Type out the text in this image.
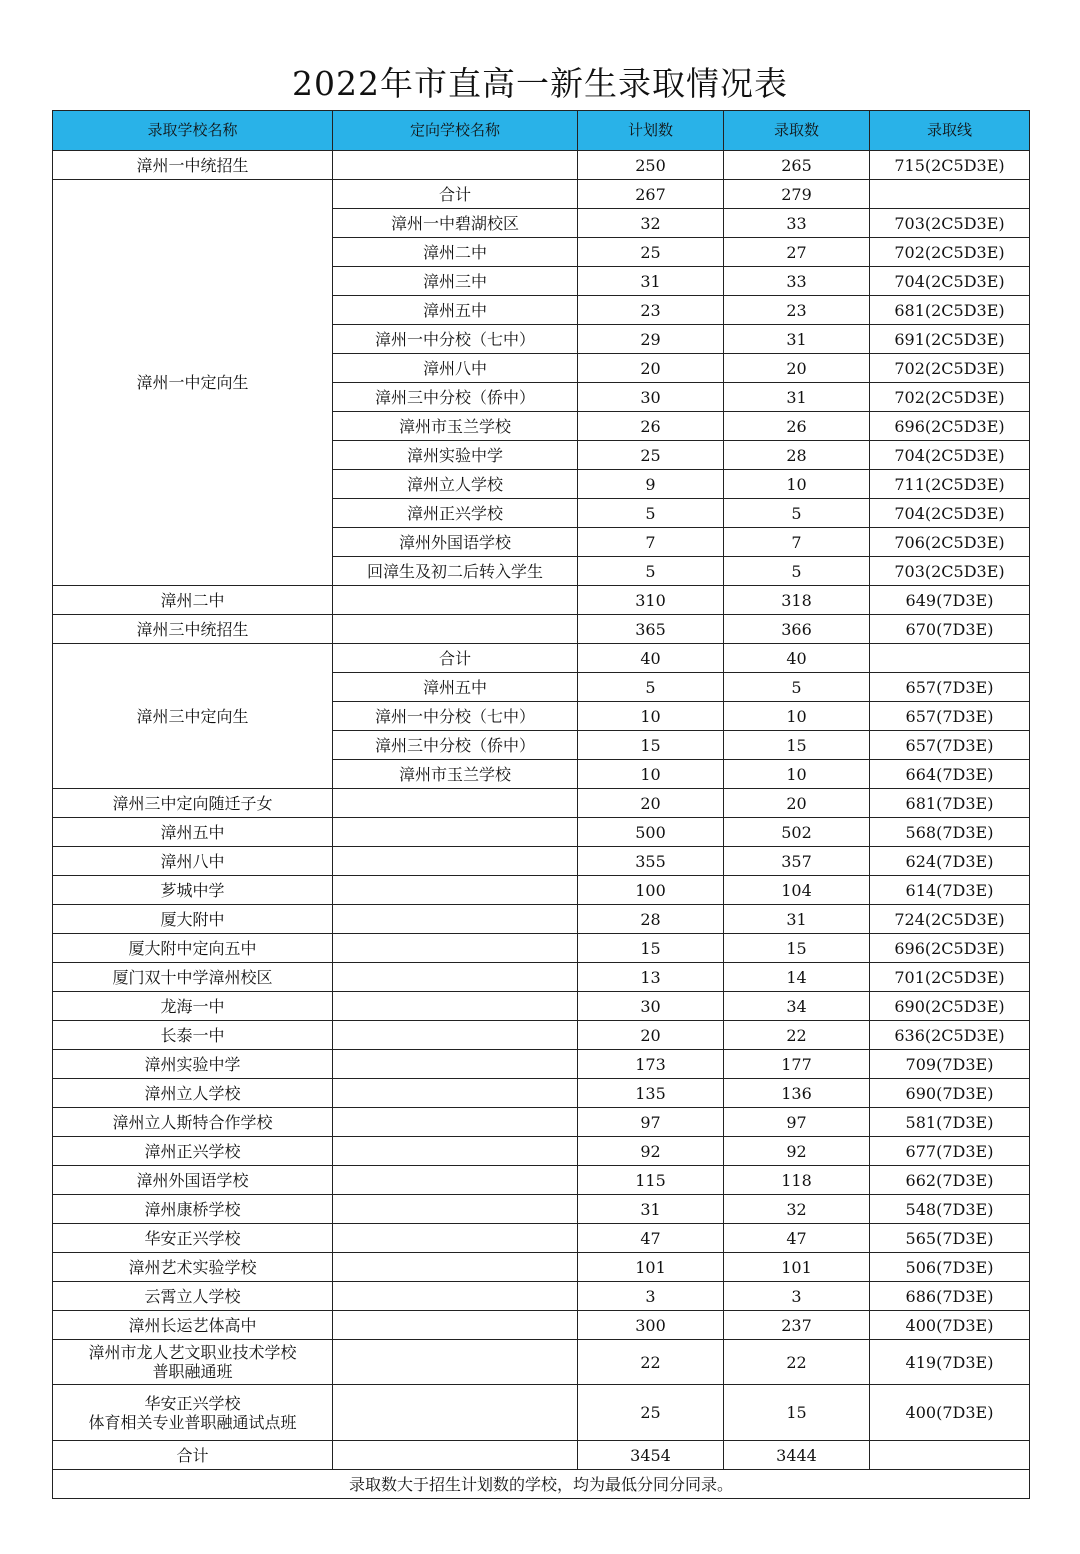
2022年市直高一新生录取情况表
录取学校名称	定向学校名称	计划数	录取数	录取线
漳州一中统招生		250	265	715(2C5D3E)
漳州一中定向生	合计	267	279	
	漳州一中碧湖校区	32	33	703(2C5D3E)
	漳州二中	25	27	702(2C5D3E)
	漳州三中	31	33	704(2C5D3E)
	漳州五中	23	23	681(2C5D3E)
	漳州一中分校（七中）	29	31	691(2C5D3E)
	漳州八中	20	20	702(2C5D3E)
	漳州三中分校（侨中）	30	31	702(2C5D3E)
	漳州市玉兰学校	26	26	696(2C5D3E)
	漳州实验中学	25	28	704(2C5D3E)
	漳州立人学校	9	10	711(2C5D3E)
	漳州正兴学校	5	5	704(2C5D3E)
	漳州外国语学校	7	7	706(2C5D3E)
	回漳生及初二后转入学生	5	5	703(2C5D3E)
漳州二中		310	318	649(7D3E)
漳州三中统招生		365	366	670(7D3E)
漳州三中定向生	合计	40	40	
	漳州五中	5	5	657(7D3E)
	漳州一中分校（七中）	10	10	657(7D3E)
	漳州三中分校（侨中）	15	15	657(7D3E)
	漳州市玉兰学校	10	10	664(7D3E)
漳州三中定向随迁子女		20	20	681(7D3E)
漳州五中		500	502	568(7D3E)
漳州八中		355	357	624(7D3E)
芗城中学		100	104	614(7D3E)
厦大附中		28	31	724(2C5D3E)
厦大附中定向五中		15	15	696(2C5D3E)
厦门双十中学漳州校区		13	14	701(2C5D3E)
龙海一中		30	34	690(2C5D3E)
长泰一中		20	22	636(2C5D3E)
漳州实验中学		173	177	709(7D3E)
漳州立人学校		135	136	690(7D3E)
漳州立人斯特合作学校		97	97	581(7D3E)
漳州正兴学校		92	92	677(7D3E)
漳州外国语学校		115	118	662(7D3E)
漳州康桥学校		31	32	548(7D3E)
华安正兴学校		47	47	565(7D3E)
漳州艺术实验学校		101	101	506(7D3E)
云霄立人学校		3	3	686(7D3E)
漳州长运艺体高中		300	237	400(7D3E)

漳州市龙人艺文职业技术学校
普职融通班		22	22	419(7D3E)

华安正兴学校
体育相关专业普职融通试点班		25	15	400(7D3E)
合计		3454	3444	
录取数大于招生计划数的学校，均为最低分同分同录。				
